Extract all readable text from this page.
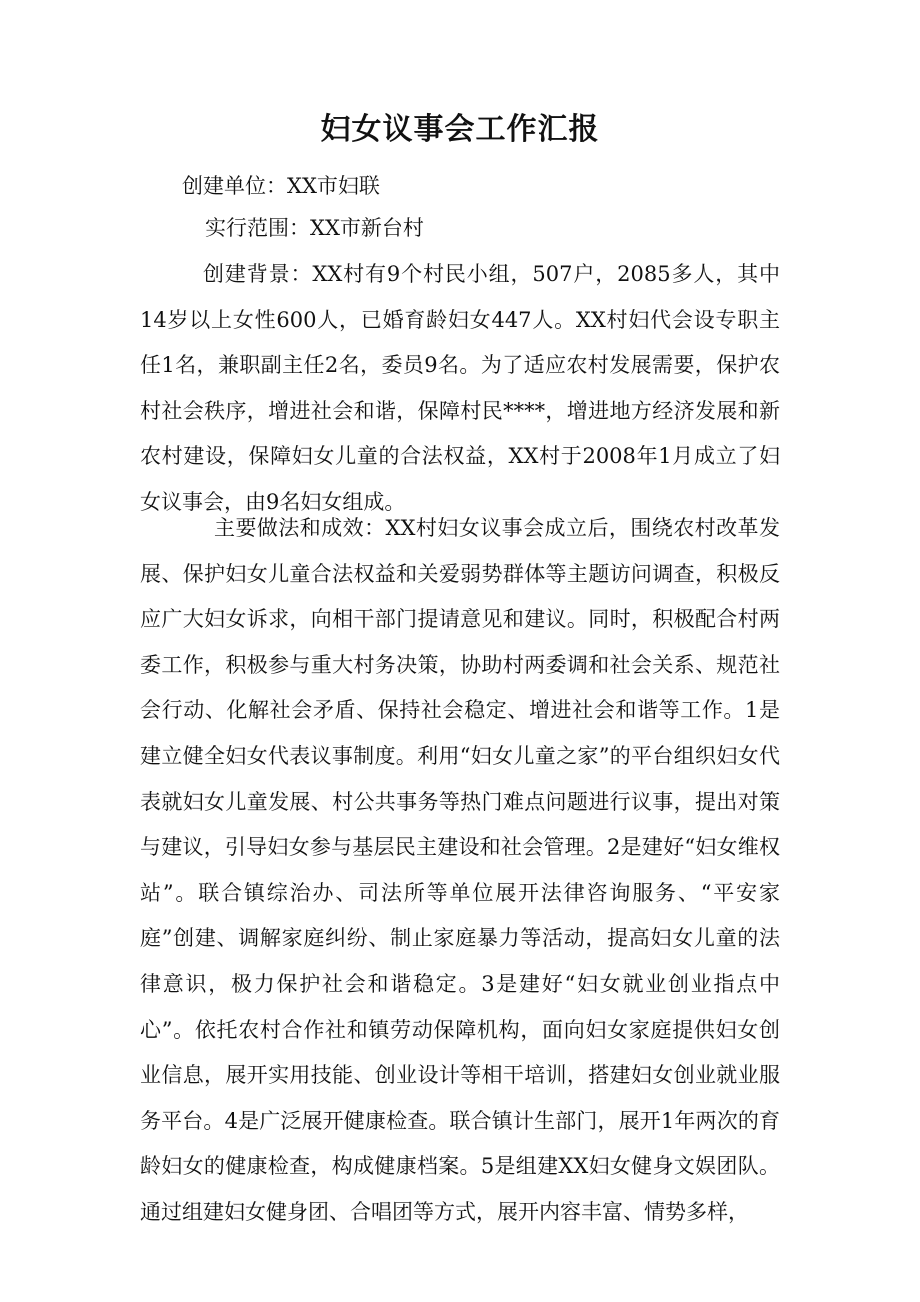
妇女议事会工作汇报

创建单位：XX市妇联

实行范围：XX市新台村

创建背景：XX村有9个村民小组，507户，2085多人，其中14岁以上女性600人，已婚育龄妇女447人。XX村妇代会设专职主任1名，兼职副主任2名，委员9名。为了适应农村发展需要，保护农村社会秩序，增进社会和谐，保障村民****，增进地方经济发展和新农村建设，保障妇女儿童的合法权益，XX村于2008年1月成立了妇女议事会，由9名妇女组成。

主要做法和成效：XX村妇女议事会成立后，围绕农村改革发展、保护妇女儿童合法权益和关爱弱势群体等主题访问调查，积极反应广大妇女诉求，向相干部门提请意见和建议。同时，积极配合村两委工作，积极参与重大村务决策，协助村两委调和社会关系、规范社会行动、化解社会矛盾、保持社会稳定、增进社会和谐等工作。1是建立健全妇女代表议事制度。利用“妇女儿童之家”的平台组织妇女代表就妇女儿童发展、村公共事务等热门难点问题进行议事，提出对策与建议，引导妇女参与基层民主建设和社会管理。2是建好“妇女维权站”。联合镇综治办、司法所等单位展开法律咨询服务、“平安家庭”创建、调解家庭纠纷、制止家庭暴力等活动，提高妇女儿童的法律意识，极力保护社会和谐稳定。3是建好“妇女就业创业指点中心”。依托农村合作社和镇劳动保障机构，面向妇女家庭提供妇女创业信息，展开实用技能、创业设计等相干培训，搭建妇女创业就业服务平台。4是广泛展开健康检查。联合镇计生部门，展开1年两次的育龄妇女的健康检查，构成健康档案。5是组建XX妇女健身文娱团队。通过组建妇女健身团、合唱团等方式，展开内容丰富、情势多样，
